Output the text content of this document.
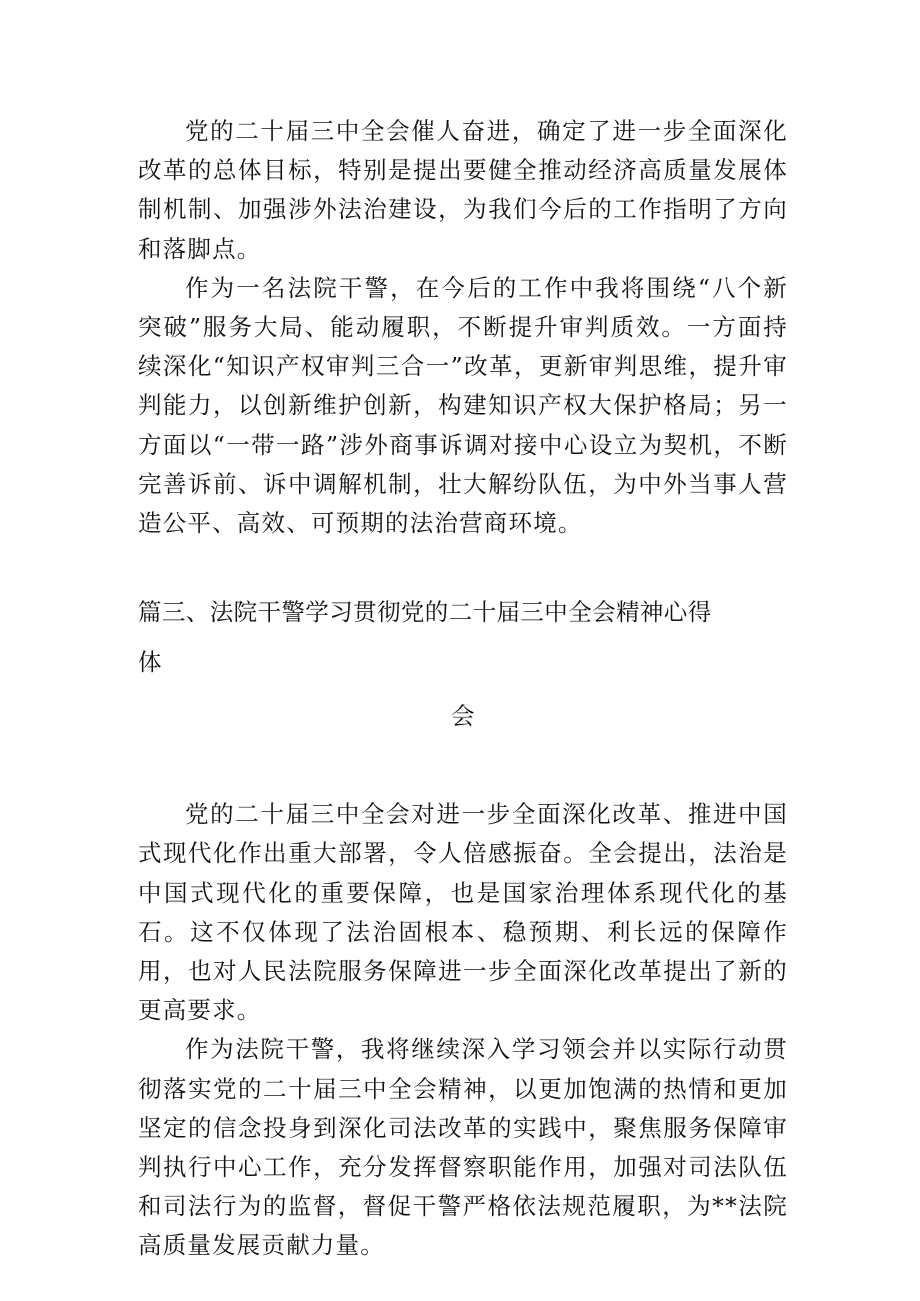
党的二十届三中全会催人奋进，确定了进一步全面深化改革的总体目标，特别是提出要健全推动经济高质量发展体制机制、加强涉外法治建设，为我们今后的工作指明了方向和落脚点。

作为一名法院干警，在今后的工作中我将围绕“八个新突破”服务大局、能动履职，不断提升审判质效。一方面持续深化“知识产权审判三合一”改革，更新审判思维，提升审判能力，以创新维护创新，构建知识产权大保护格局；另一方面以“一带一路”涉外商事诉调对接中心设立为契机，不断完善诉前、诉中调解机制，壮大解纷队伍，为中外当事人营造公平、高效、可预期的法治营商环境。

篇三、法院干警学习贯彻党的二十届三中全会精神心得体
会

党的二十届三中全会对进一步全面深化改革、推进中国式现代化作出重大部署，令人倍感振奋。全会提出，法治是中国式现代化的重要保障，也是国家治理体系现代化的基石。这不仅体现了法治固根本、稳预期、利长远的保障作用，也对人民法院服务保障进一步全面深化改革提出了新的更高要求。

作为法院干警，我将继续深入学习领会并以实际行动贯彻落实党的二十届三中全会精神，以更加饱满的热情和更加坚定的信念投身到深化司法改革的实践中，聚焦服务保障审判执行中心工作，充分发挥督察职能作用，加强对司法队伍和司法行为的监督，督促干警严格依法规范履职，为**法院高质量发展贡献力量。
